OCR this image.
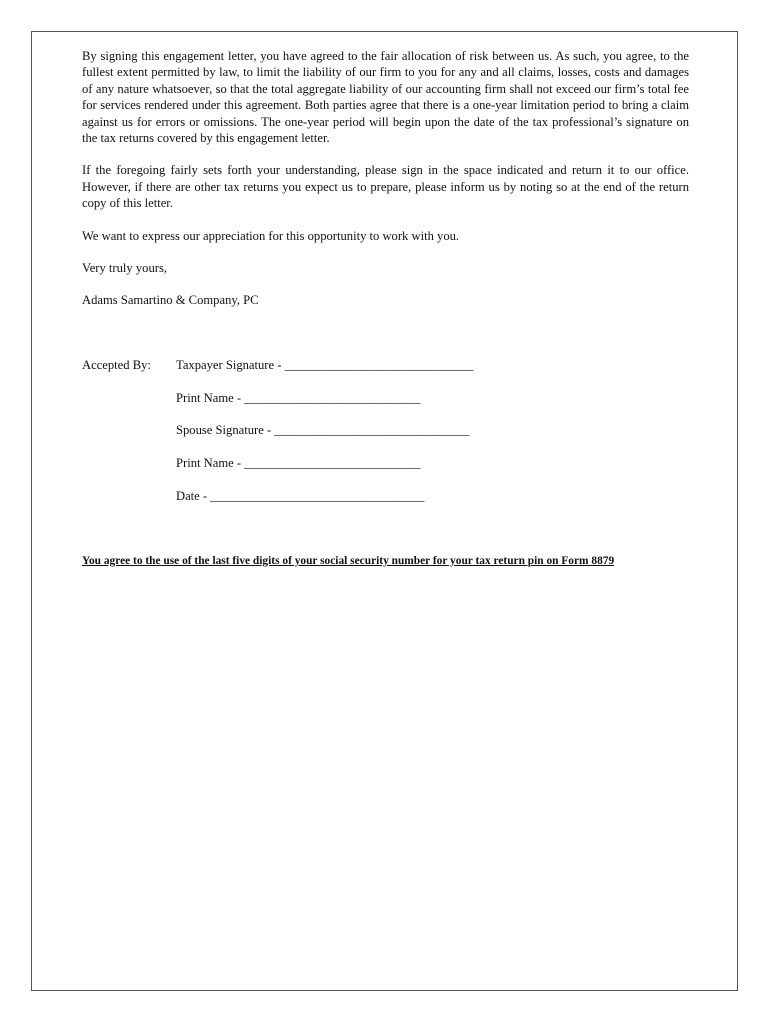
By signing this engagement letter, you have agreed to the fair allocation of risk between us. As such, you agree, to the fullest extent permitted by law, to limit the liability of our firm to you for any and all claims, losses, costs and damages of any nature whatsoever, so that the total aggregate liability of our accounting firm shall not exceed our firm’s total fee for services rendered under this agreement. Both parties agree that there is a one-year limitation period to bring a claim against us for errors or omissions. The one-year period will begin upon the date of the tax professional’s signature on the tax returns covered by this engagement letter.

If the foregoing fairly sets forth your understanding, please sign in the space indicated and return it to our office. However, if there are other tax returns you expect us to prepare, please inform us by noting so at the end of the return copy of this letter.

We want to express our appreciation for this opportunity to work with you.

Very truly yours,

Adams Samartino & Company, PC

Accepted By: Taxpayer Signature - ______________________________
Print Name - ____________________________
Spouse Signature - _______________________________
Print Name - ____________________________
Date - __________________________________
You agree to the use of the last five digits of your social security number for your tax return pin on Form 8879
